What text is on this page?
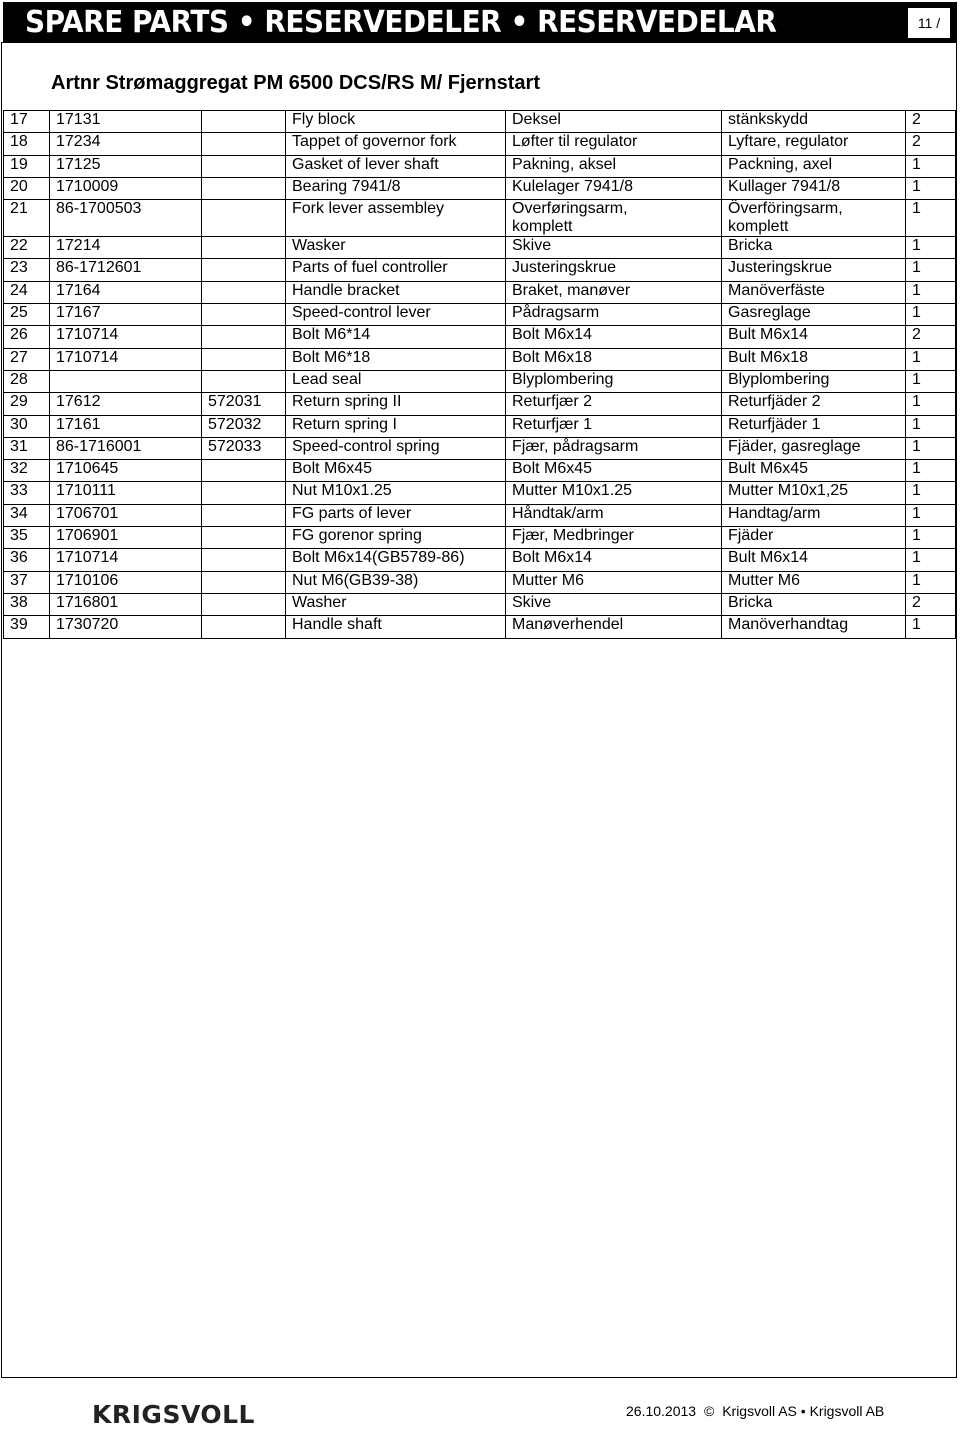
SPARE PARTS • RESERVEDELER • RESERVEDELAR	11 /
Artnr Strømaggregat PM 6500 DCS/RS M/ Fjernstart
17	17131		Fly block	Deksel	stänkskydd	2
18	17234		Tappet of governor fork	Løfter til regulator	Lyftare, regulator	2
19	17125		Gasket of lever shaft	Pakning, aksel	Packning, axel	1
20	1710009		Bearing 7941/8	Kulelager 7941/8	Kullager 7941/8	1
21	86-1700503		Fork lever assembley	Overføringsarm, komplett	Överföringsarm, komplett	1
22	17214		Wasker	Skive	Bricka	1
23	86-1712601		Parts of fuel controller	Justeringskrue	Justeringskrue	1
24	17164		Handle bracket	Braket, manøver	Manöverfäste	1
25	17167		Speed-control lever	Pådragsarm	Gasreglage	1
26	1710714		Bolt M6*14	Bolt M6x14	Bult M6x14	2
27	1710714		Bolt M6*18	Bolt M6x18	Bult M6x18	1
28			Lead seal	Blyplombering	Blyplombering	1
29	17612	572031	Return spring II	Returfjær 2	Returfjäder 2	1
30	17161	572032	Return spring I	Returfjær 1	Returfjäder 1	1
31	86-1716001	572033	Speed-control spring	Fjær, pådragsarm	Fjäder, gasreglage	1
32	1710645		Bolt M6x45	Bolt M6x45	Bult M6x45	1
33	1710111		Nut M10x1.25	Mutter M10x1.25	Mutter M10x1,25	1
34	1706701		FG parts of lever	Håndtak/arm	Handtag/arm	1
35	1706901		FG gorenor spring	Fjær, Medbringer	Fjäder	1
36	1710714		Bolt M6x14(GB5789-86)	Bolt M6x14	Bult M6x14	1
37	1710106		Nut M6(GB39-38)	Mutter M6	Mutter M6	1
38	1716801		Washer	Skive	Bricka	2
39	1730720		Handle shaft	Manøverhendel	Manöverhandtag	1
KRIGSVOLL	26.10.2013 © Krigsvoll AS • Krigsvoll AB
